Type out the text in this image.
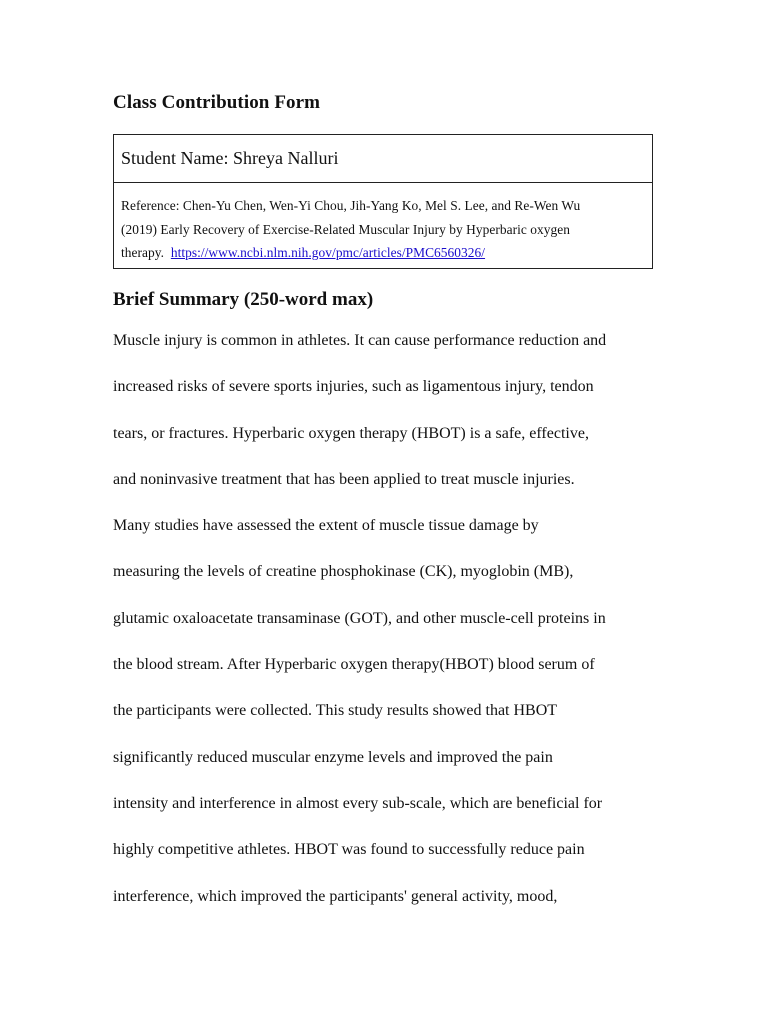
Class Contribution Form
Student Name: Shreya Nalluri
Reference: Chen-Yu Chen, Wen-Yi Chou, Jih-Yang Ko, Mel S. Lee, and Re-Wen Wu
(2019) Early Recovery of Exercise-Related Muscular Injury by Hyperbaric oxygen
therapy.  https://www.ncbi.nlm.nih.gov/pmc/articles/PMC6560326/
Brief Summary (250-word max)
Muscle injury is common in athletes. It can cause performance reduction and
increased risks of severe sports injuries, such as ligamentous injury, tendon
tears, or fractures. Hyperbaric oxygen therapy (HBOT) is a safe, effective,
and noninvasive treatment that has been applied to treat muscle injuries.
Many studies have assessed the extent of muscle tissue damage by
measuring the levels of creatine phosphokinase (CK), myoglobin (MB),
glutamic oxaloacetate transaminase (GOT), and other muscle-cell proteins in
the blood stream. After Hyperbaric oxygen therapy(HBOT) blood serum of
the participants were collected. This study results showed that HBOT
significantly reduced muscular enzyme levels and improved the pain
intensity and interference in almost every sub-scale, which are beneficial for
highly competitive athletes. HBOT was found to successfully reduce pain
interference, which improved the participants' general activity, mood,
